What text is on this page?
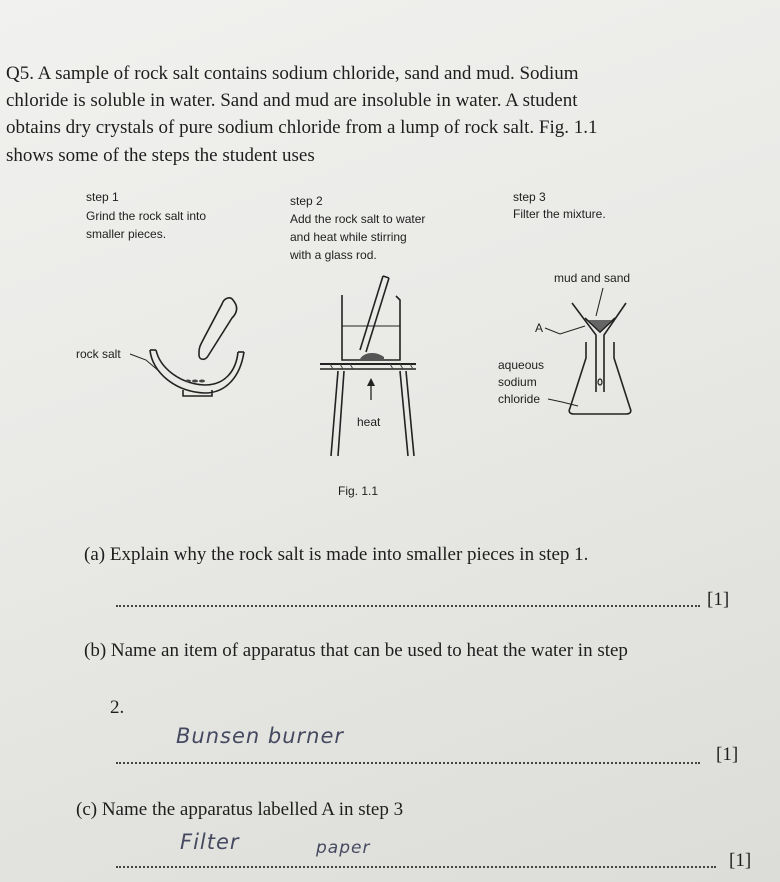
Q5. A sample of rock salt contains sodium chloride, sand and mud. Sodium
chloride is soluble in water. Sand and mud are insoluble in water. A student
obtains dry crystals of pure sodium chloride from a lump of rock salt. Fig. 1.1
shows some of the steps the student uses
step 1
Grind the rock salt into
smaller pieces.
step 2
Add the rock salt to water
and heat while stirring
with a glass rod.
step 3
Filter the mixture.
rock salt
heat
mud and sand
A
aqueous
sodium
chloride
Fig. 1.1
(a) Explain why the rock salt is made into smaller pieces in step 1.
[1]
(b) Name an item of apparatus that can be used to heat the water in step
2.
Bunsen burner
[1]
(c) Name the apparatus labelled A in step 3
Filter	paper
[1]
